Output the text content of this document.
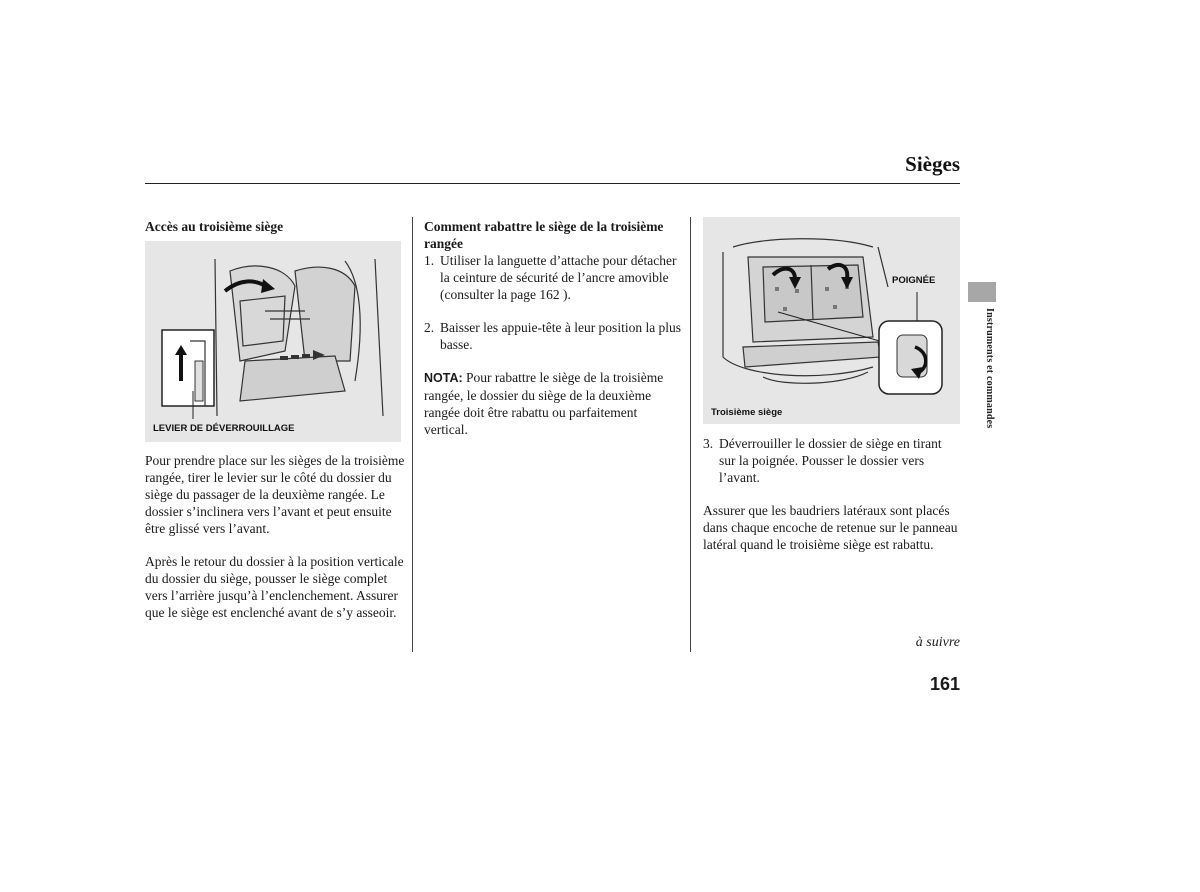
Sièges
Accès au troisième siège
LEVIER DE DÉVERROUILLAGE
Pour prendre place sur les sièges de la troisième rangée, tirer le levier sur le côté du dossier du siège du passager de la deuxième rangée. Le dossier s’inclinera vers l’avant et peut ensuite être glissé vers l’avant.
Après le retour du dossier à la position verticale du dossier du siège, pousser le siège complet vers l’arrière jusqu’à l’enclenchement. Assurer que le siège est enclenché avant de s’y asseoir.
Comment rabattre le siège de la troisième rangée
1. Utiliser la languette d’attache pour détacher la ceinture de sécurité de l’ancre amovible (consulter la page 162 ).
2. Baisser les appuie-tête à leur position la plus basse.
NOTA: Pour rabattre le siège de la troisième rangée, le dossier du siège de la deuxième rangée doit être rabattu ou parfaitement vertical.
POIGNÉE
Troisième siège
3. Déverrouiller le dossier de siège en tirant sur la poignée. Pousser le dossier vers l’avant.
Assurer que les baudriers latéraux sont placés dans chaque encoche de retenue sur le panneau latéral quand le troisième siège est rabattu.
Instruments et commandes
à suivre
161
